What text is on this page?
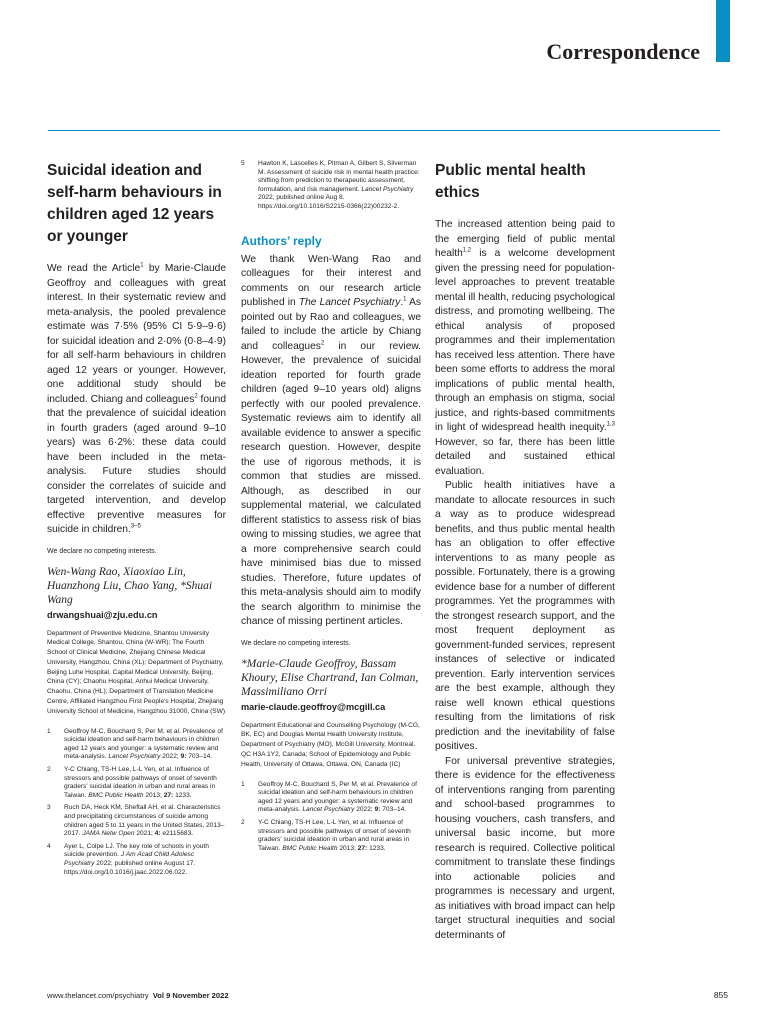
Correspondence
Suicidal ideation and self-harm behaviours in children aged 12 years or younger

We read the Article$^1$ by Marie-Claude Geoffroy and colleagues with great interest. In their systematic review and meta-analysis, the pooled prevalence estimate was 7·5% (95% CI 5·9–9·6) for suicidal ideation and 2·0% (0·8–4·9) for all self-harm behaviours in children aged 12 years or younger. However, one additional study should be included. Chiang and colleagues$^2$ found that the prevalence of suicidal ideation in fourth graders (aged around 9–10 years) was 6·2%: these data could have been included in the meta-analysis. Future studies should consider the correlates of suicide and targeted intervention, and develop effective preventive measures for suicide in children.$^{3-5}$

We declare no competing interests.

Wen-Wang Rao, Xiaoxiao Lin, Huanzhong Liu, Chao Yang, *Shuai Wang

drwangshuai@zju.edu.cn

Department of Preventive Medicine, Shantou University Medical College, Shantou, China (W-WR); The Fourth School of Clinical Medicine, Zhejiang Chinese Medical University, Hangzhou, China (XL); Department of Psychiatry, Beijing Luhe Hospital, Capital Medical University, Beijing, China (CY); Chaohu Hospital, Anhui Medical University, Chaohu, China (HL); Department of Translation Medicine Centre, Affiliated Hangzhou First People's Hospital, Zhejiang University School of Medicine, Hangzhou 31000, China (SW)

1 Geoffroy M-C, Bouchard S, Per M, et al. Prevalence of suicidal ideation and self-harm behaviours in children aged 12 years and younger: a systematic review and meta-analysis. Lancet Psychiatry 2022; 9: 703–14.
2 Y-C Chiang, TS-H Lee, L-L Yen, et al. Influence of stressors and possible pathways of onset of seventh graders' suicidal ideation in urban and rural areas in Taiwan. BMC Public Health 2013; 27: 1233.
3 Ruch DA, Heck KM, Sheftall AH, et al. Characteristics and precipitating circumstances of suicide among children aged 5 to 11 years in the United States, 2013–2017. JAMA Netw Open 2021; 4: e2115683.
4 Ayer L, Colpe LJ. The key role of schools in youth suicide prevention. J Am Acad Child Adolesc Psychiatry 2022; published online August 17. https://doi.org/10.1016/j.jaac.2022.06.022.
5 Hawton K, Lascelles K, Pitman A, Gilbert S, Silverman M. Assessment of suicide risk in mental health practice: shifting from prediction to therapeutic assessment, formulation, and risk management. Lancet Psychiatry 2022, published online Aug 8. https://doi.org/10.1016/S2215-0366(22)00232-2.
Authors’ reply

We thank Wen-Wang Rao and colleagues for their interest and comments on our research article published in The Lancet Psychiatry.$^1$ As pointed out by Rao and colleagues, we failed to include the article by Chiang and colleagues$^2$ in our review. However, the prevalence of suicidal ideation reported for fourth grade children (aged 9–10 years old) aligns perfectly with our pooled prevalence. Systematic reviews aim to identify all available evidence to answer a specific research question. However, despite the use of rigorous methods, it is common that studies are missed. Although, as described in our supplemental material, we calculated different statistics to assess risk of bias owing to missing studies, we agree that a more comprehensive search could have minimised bias due to missed studies. Therefore, future updates of this meta-analysis should aim to modify the search algorithm to minimise the chance of missing pertinent articles.

We declare no competing interests.

*Marie-Claude Geoffroy, Bassam Khoury, Elise Chartrand, Ian Colman, Massimiliano Orri

marie-claude.geoffroy@mcgill.ca

Department Educational and Counselling Psychology (M-CG, BK, EC) and Douglas Mental Health University Institute, Department of Psychiatry (MO), McGill University, Montreal, QC H3A 1Y2, Canada; School of Epidemiology and Public Health, University of Ottawa, Ottawa, ON, Canada (IC)

1 Geoffroy M-C, Bouchard S, Per M, et al. Prevalence of suicidal ideation and self-harm behaviours in children aged 12 years and younger: a systematic review and meta-analysis. Lancet Psychiatry 2022; 9: 703–14.
2 Y-C Chiang, TS-H Lee, L-L Yen, et al. Influence of stressors and possible pathways of onset of seventh graders' suicidal ideation in urban and rural areas in Taiwan. BMC Public Health 2013; 27: 1233.
Public mental health ethics

The increased attention being paid to the emerging field of public mental health$^{1,2}$ is a welcome development given the pressing need for population-level approaches to prevent treatable mental ill health, reducing psychological distress, and promoting wellbeing. The ethical analysis of proposed programmes and their implementation has received less attention. There have been some efforts to address the moral implications of public mental health, through an emphasis on stigma, social justice, and rights-based commitments in light of widespread health inequity.$^{1,3}$ However, so far, there has been little detailed and sustained ethical evaluation.

Public health initiatives have a mandate to allocate resources in such a way as to produce widespread benefits, and thus public mental health has an obligation to offer effective interventions to as many people as possible. Fortunately, there is a growing evidence base for a number of different programmes. Yet the programmes with the strongest research support, and the most frequent deployment as government-funded services, represent instances of selective or indicated prevention. Early intervention services are the best example, although they raise well known ethical questions resulting from the limitations of risk prediction and the inevitability of false positives.

For universal preventive strategies, there is evidence for the effectiveness of interventions ranging from parenting and school-based programmes to housing vouchers, cash transfers, and universal basic income, but more research is required. Collective political commitment to translate these findings into actionable policies and programmes is necessary and urgent, as initiatives with broad impact can help target structural inequities and social determinants of

www.thelancet.com/psychiatry Vol 9 November 2022	855
